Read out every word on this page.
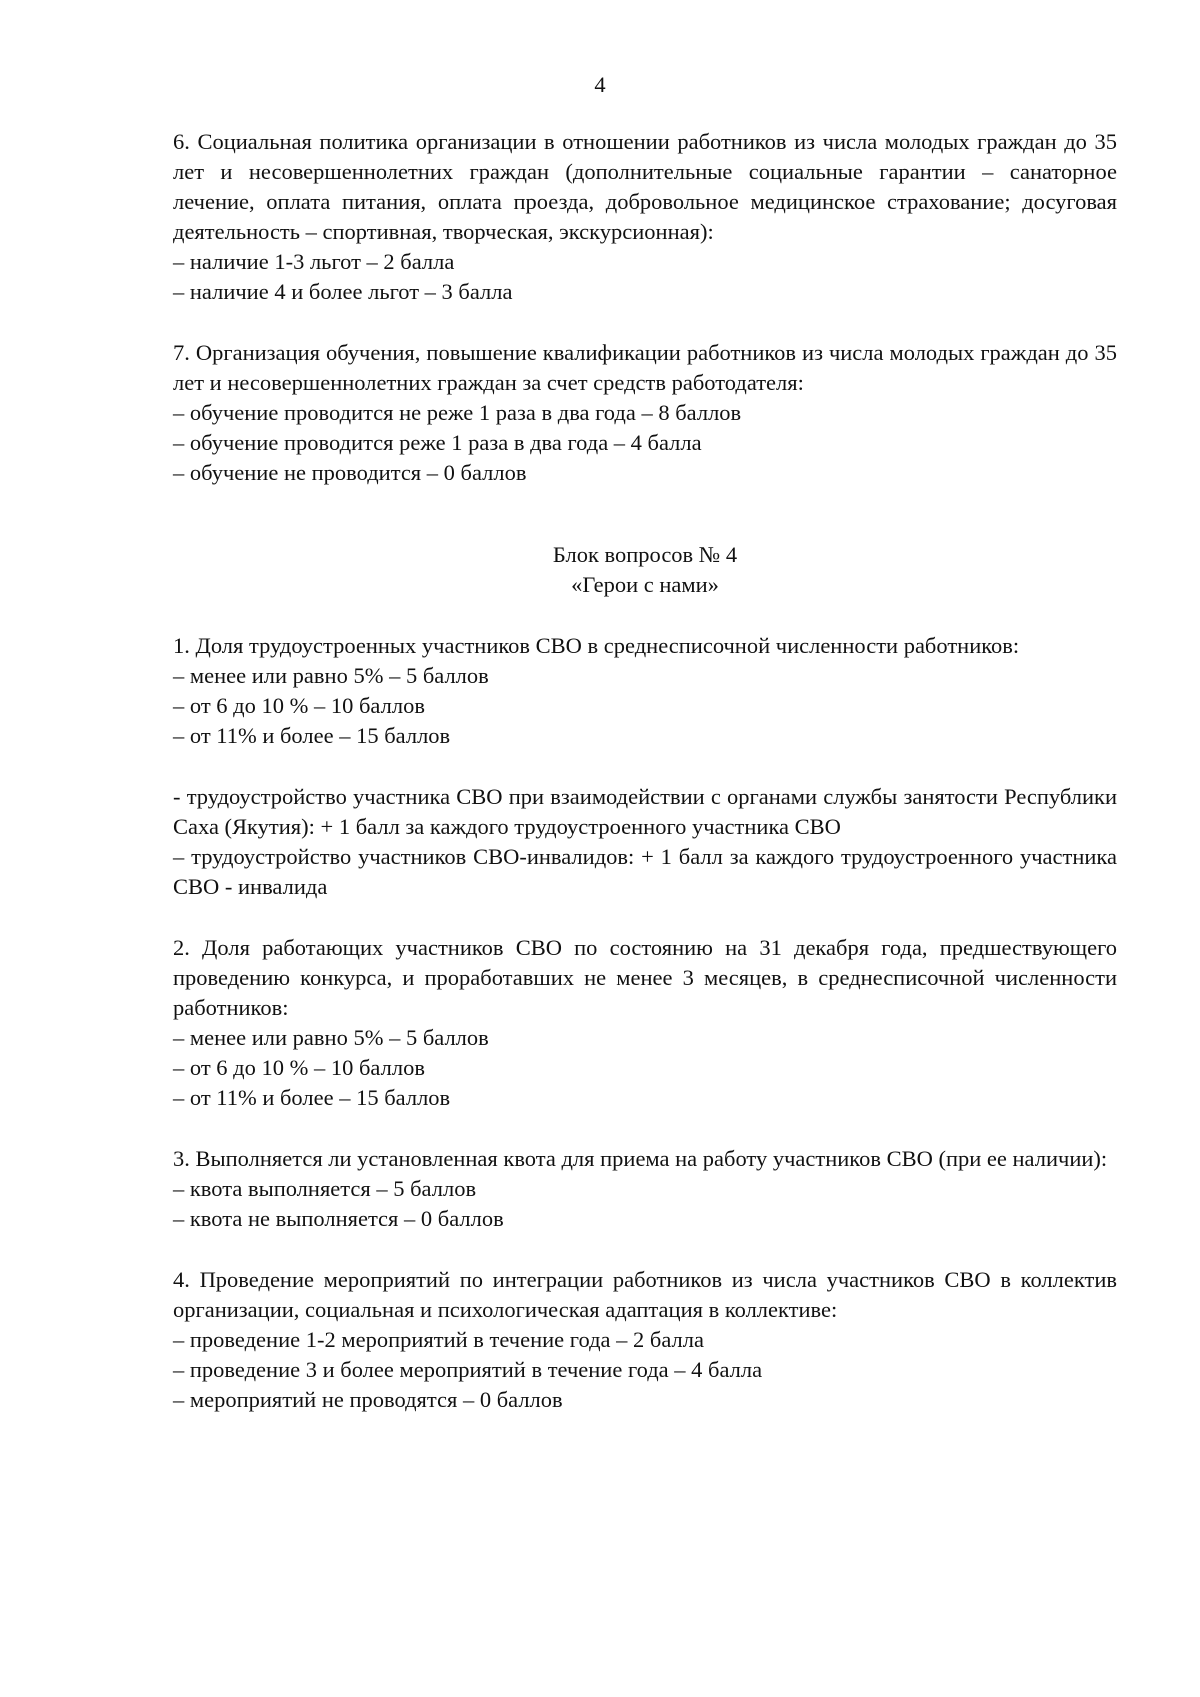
4

6. Социальная политика организации в отношении работников из числа молодых граждан до 35 лет и несовершеннолетних граждан (дополнительные социальные гарантии – санаторное лечение, оплата питания, оплата проезда, добровольное медицинское страхование; досуговая деятельность – спортивная, творческая, экскурсионная):

– наличие 1-3 льгот – 2 балла

– наличие 4 и более льгот – 3 балла

7. Организация обучения, повышение квалификации работников из числа молодых граждан до 35 лет и несовершеннолетних граждан за счет средств работодателя:

– обучение проводится не реже 1 раза в два года – 8 баллов

– обучение проводится реже 1 раза в два года – 4 балла

– обучение не проводится – 0 баллов

Блок вопросов № 4

«Герои с нами»

1. Доля трудоустроенных участников СВО в среднесписочной численности работников:

– менее или равно 5% – 5 баллов

– от 6 до 10 % – 10 баллов

– от 11% и более – 15 баллов

- трудоустройство участника СВО при взаимодействии с органами службы занятости Республики Саха (Якутия): + 1 балл за каждого трудоустроенного участника СВО

– трудоустройство участников СВО-инвалидов: + 1 балл за каждого трудоустроенного участника СВО - инвалида

2. Доля работающих участников СВО по состоянию на 31 декабря года, предшествующего проведению конкурса, и проработавших не менее 3 месяцев, в среднесписочной численности работников:

– менее или равно 5% – 5 баллов

– от 6 до 10 % – 10 баллов

– от 11% и более – 15 баллов

3. Выполняется ли установленная квота для приема на работу участников СВО (при ее наличии):

– квота выполняется – 5 баллов

– квота не выполняется – 0 баллов

4. Проведение мероприятий по интеграции работников из числа участников СВО в коллектив организации, социальная и психологическая адаптация в коллективе:

– проведение 1-2 мероприятий в течение года – 2 балла

– проведение 3 и более мероприятий в течение года – 4 балла

– мероприятий не проводятся – 0 баллов
